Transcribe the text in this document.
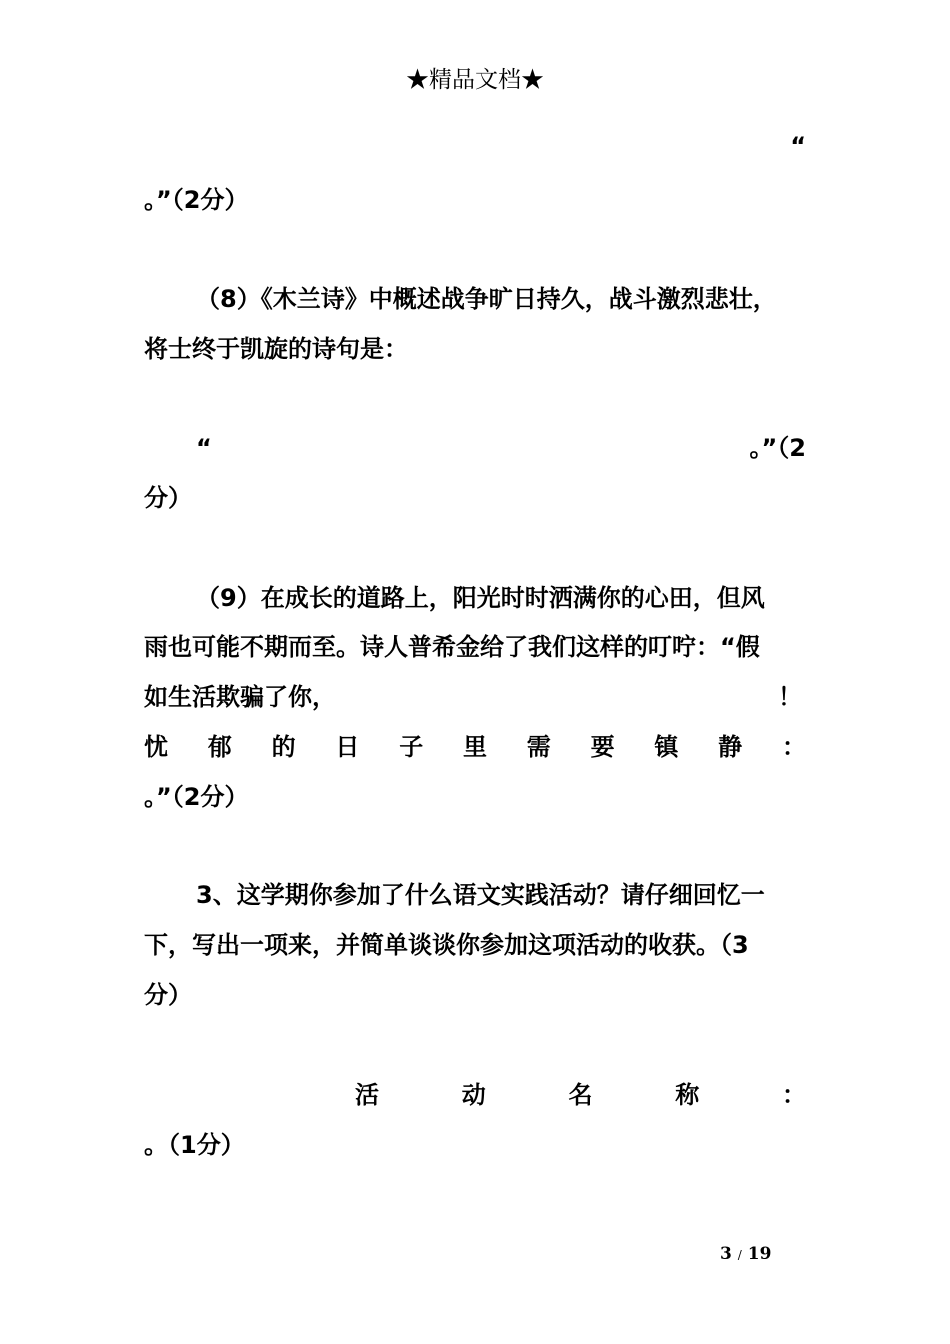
★精品文档★
“
。”（2分）
（8）《木兰诗》中概述战争旷日持久，战斗激烈悲壮，
将士终于凯旋的诗句是：
“	。”（2
分）
（9）在成长的道路上，阳光时时洒满你的心田，但风
雨也可能不期而至。诗人普希金给了我们这样的叮咛：“假
如生活欺骗了你，	！
忧 郁 的 日 子 里 需 要 镇 静 ：
。”（2分）
3、这学期你参加了什么语文实践活动？请仔细回忆一
下，写出一项来，并简单谈谈你参加这项活动的收获。（3
分）
活	动	名	称	：
。（1分）
3 / 19
